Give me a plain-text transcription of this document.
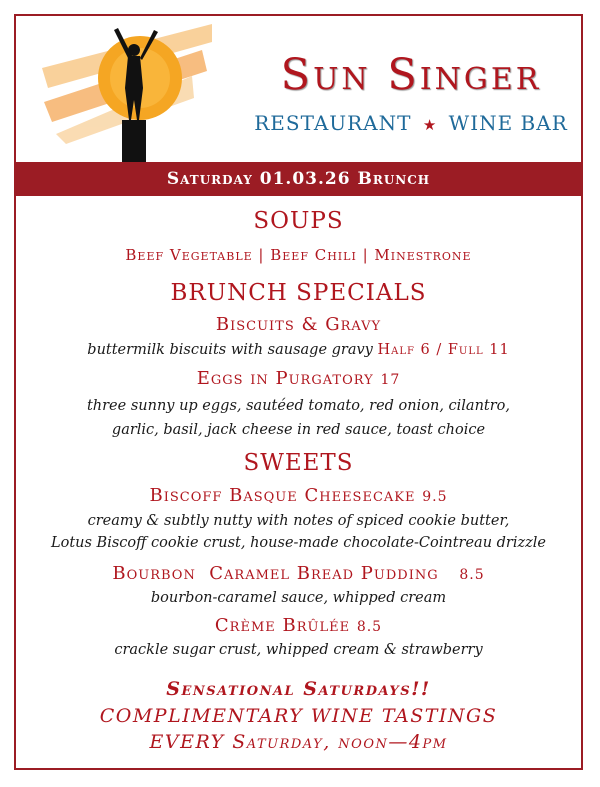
Sun Singer
RESTAURANT ★ WINE BAR
Saturday 01.03.26 Brunch
SOUPS
Beef Vegetable | Beef Chili | Minestrone
BRUNCH SPECIALS
Biscuits & Gravy
buttermilk biscuits with sausage gravy Half 6 / Full 11
Eggs in Purgatory 17
three sunny up eggs, sautéed tomato, red onion, cilantro,
garlic, basil, jack cheese in red sauce, toast choice
SWEETS
Biscoff Basque Cheesecake 9.5
creamy & subtly nutty with notes of spiced cookie butter,
Lotus Biscoff cookie crust, house-made chocolate-Cointreau drizzle
Bourbon  Caramel Bread Pudding 8.5
bourbon-caramel sauce, whipped cream
Crème Brûlée 8.5
crackle sugar crust, whipped cream & strawberry
Sensational Saturdays!!
COMPLIMENTARY WINE TASTINGS
EVERY Saturday, noon—4pm
